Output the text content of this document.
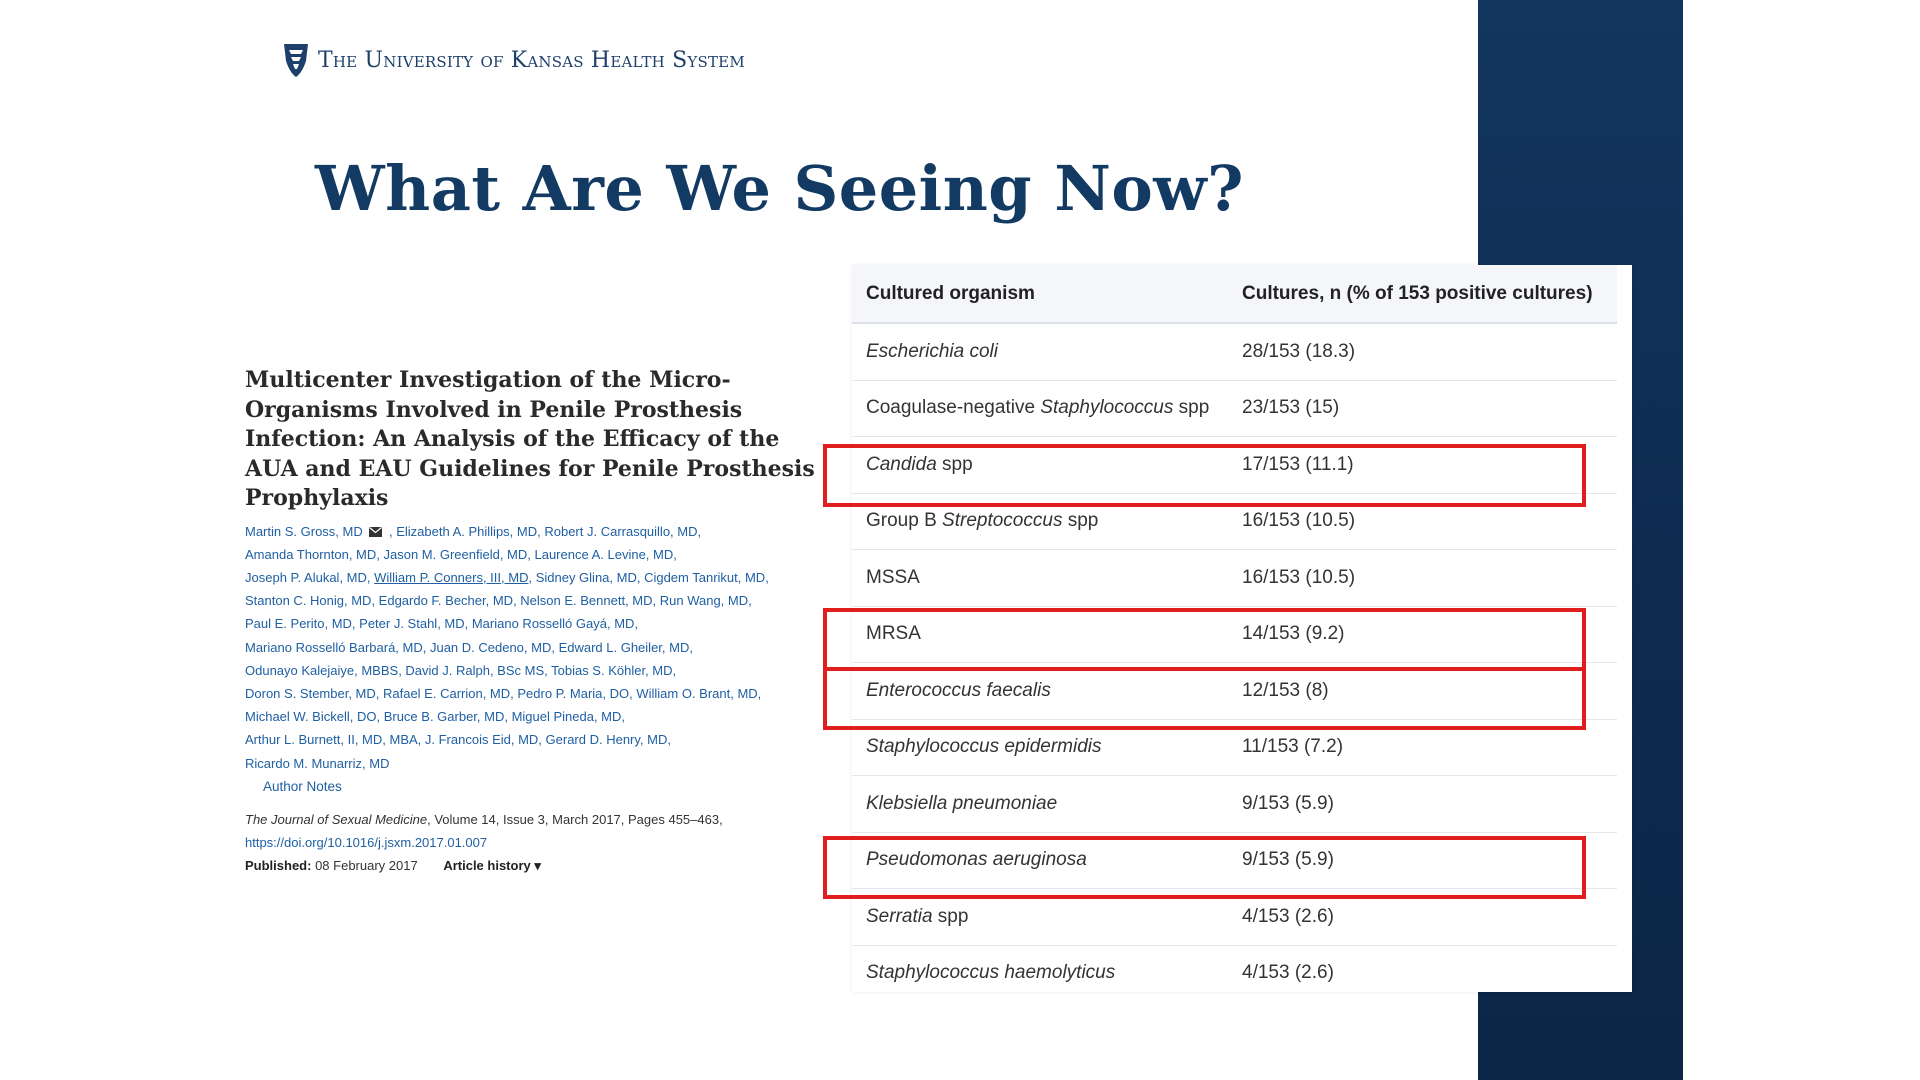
The University of Kansas Health System
What Are We Seeing Now?
Multicenter Investigation of the Micro-Organisms Involved in Penile Prosthesis Infection: An Analysis of the Efficacy of the AUA and EAU Guidelines for Penile Prosthesis Prophylaxis
Martin S. Gross, MD , Elizabeth A. Phillips, MD, Robert J. Carrasquillo, MD,
Amanda Thornton, MD, Jason M. Greenfield, MD, Laurence A. Levine, MD,
Joseph P. Alukal, MD, William P. Conners, III, MD, Sidney Glina, MD, Cigdem Tanrikut, MD,
Stanton C. Honig, MD, Edgardo F. Becher, MD, Nelson E. Bennett, MD, Run Wang, MD,
Paul E. Perito, MD, Peter J. Stahl, MD, Mariano Rosselló Gayá, MD,
Mariano Rosselló Barbará, MD, Juan D. Cedeno, MD, Edward L. Gheiler, MD,
Odunayo Kalejaiye, MBBS, David J. Ralph, BSc MS, Tobias S. Köhler, MD,
Doron S. Stember, MD, Rafael E. Carrion, MD, Pedro P. Maria, DO, William O. Brant, MD,
Michael W. Bickell, DO, Bruce B. Garber, MD, Miguel Pineda, MD,
Arthur L. Burnett, II, MD, MBA, J. Francois Eid, MD, Gerard D. Henry, MD,
Ricardo M. Munarriz, MD
Author Notes
The Journal of Sexual Medicine, Volume 14, Issue 3, March 2017, Pages 455–463,
https://doi.org/10.1016/j.jsxm.2017.01.007
Published: 08 February 2017 Article history ▾
Cultured organism	Cultures, n (% of 153 positive cultures)
Escherichia coli	28/153 (18.3)
Coagulase-negative Staphylococcus spp	23/153 (15)
Candida spp	17/153 (11.1)
Group B Streptococcus spp	16/153 (10.5)
MSSA	16/153 (10.5)
MRSA	14/153 (9.2)
Enterococcus faecalis	12/153 (8)
Staphylococcus epidermidis	11/153 (7.2)
Klebsiella pneumoniae	9/153 (5.9)
Pseudomonas aeruginosa	9/153 (5.9)
Serratia spp	4/153 (2.6)
Staphylococcus haemolyticus	4/153 (2.6)
